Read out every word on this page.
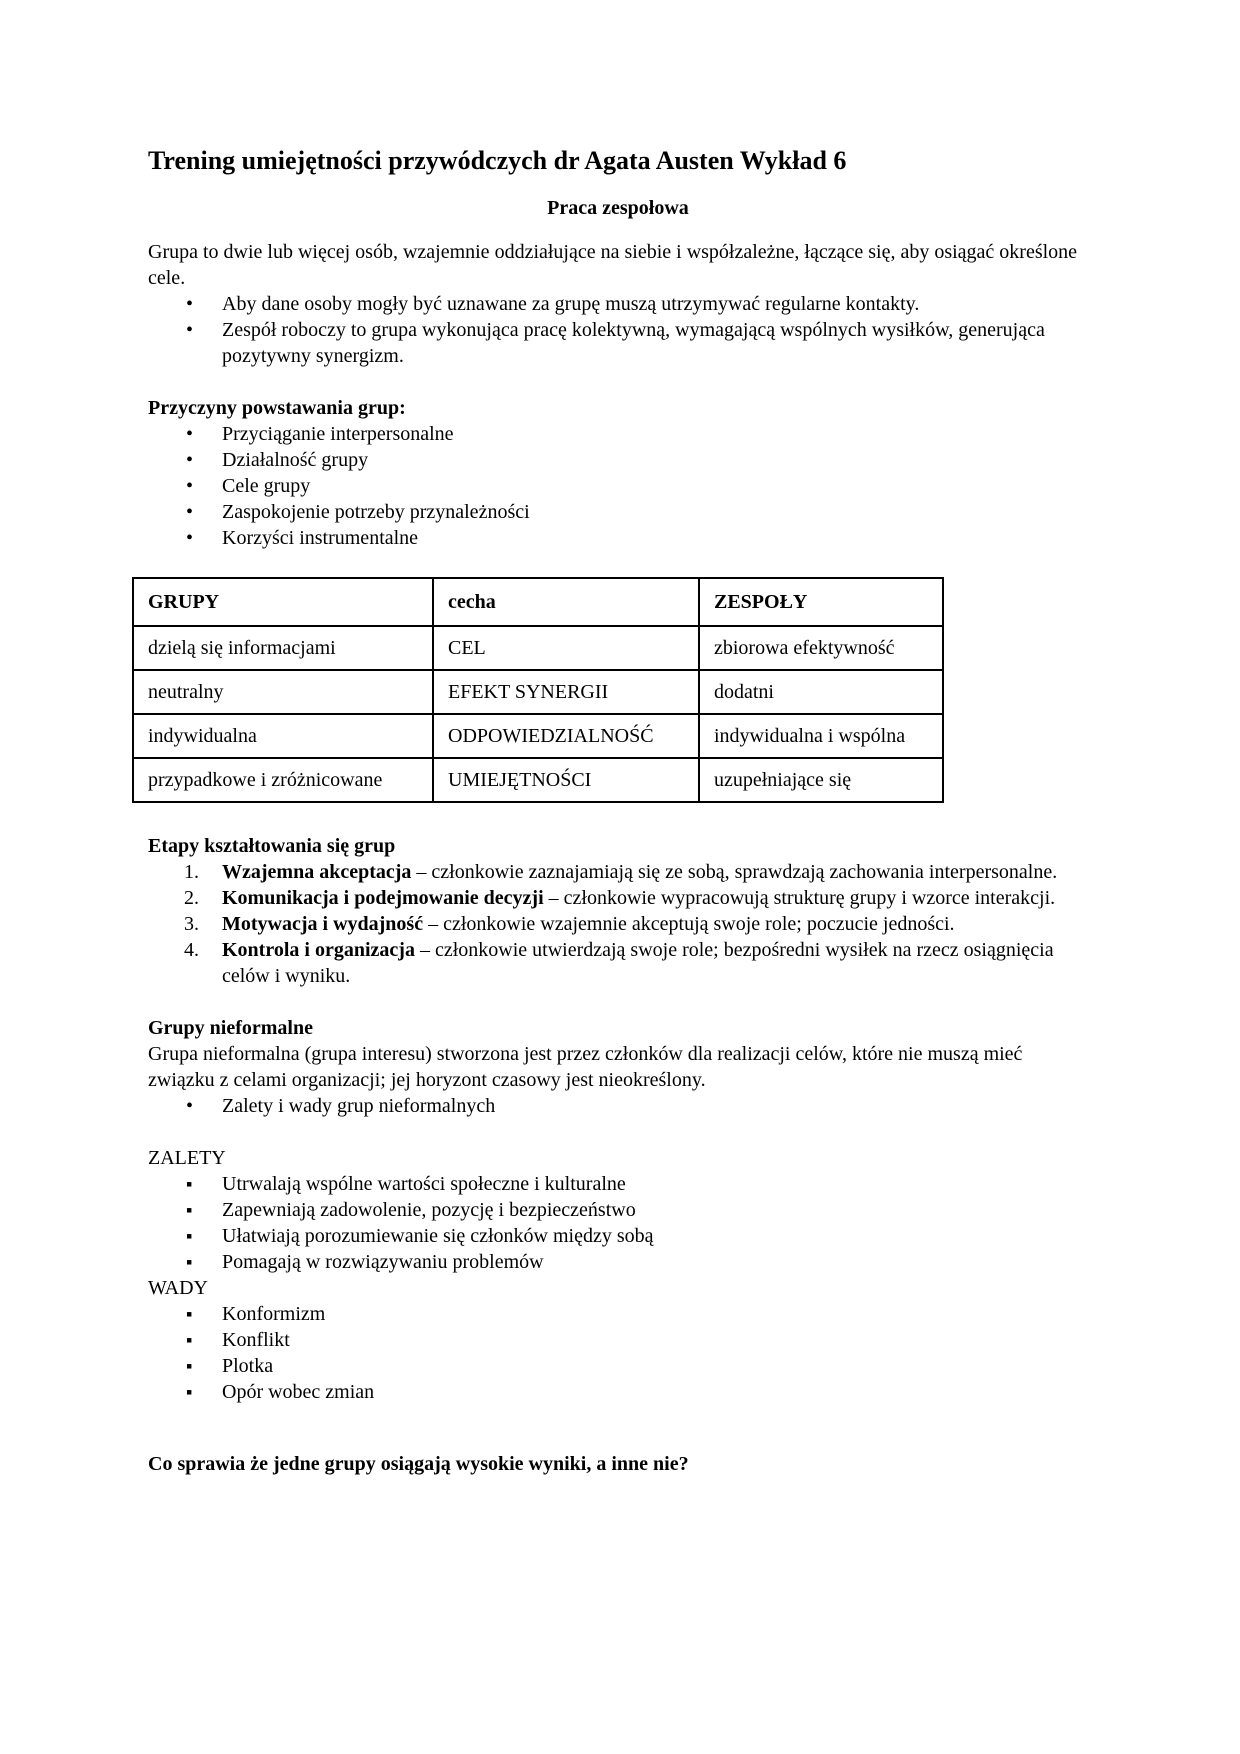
Trening umiejętności przywódczych dr Agata Austen Wykład 6

Praca zespołowa

Grupa to dwie lub więcej osób, wzajemnie oddziałujące na siebie i współzależne, łączące się, aby osiągać określone cele.

• Aby dane osoby mogły być uznawane za grupę muszą utrzymywać regularne kontakty.
• Zespół roboczy to grupa wykonująca pracę kolektywną, wymagającą wspólnych wysiłków, generująca pozytywny synergizm.

Przyczyny powstawania grup:

• Przyciąganie interpersonalne
• Działalność grupy
• Cele grupy
• Zaspokojenie potrzeby przynależności
• Korzyści instrumentalne
GRUPY	cecha	ZESPOŁY
dzielą się informacjami	CEL	zbiorowa efektywność
neutralny	EFEKT SYNERGII	dodatni
indywidualna	ODPOWIEDZIALNOŚĆ	indywidualna i wspólna
przypadkowe i zróżnicowane	UMIEJĘTNOŚCI	uzupełniające się

Etapy kształtowania się grup

1. Wzajemna akceptacja – członkowie zaznajamiają się ze sobą, sprawdzają zachowania interpersonalne.
2. Komunikacja i podejmowanie decyzji – członkowie wypracowują strukturę grupy i wzorce interakcji.
3. Motywacja i wydajność – członkowie wzajemnie akceptują swoje role; poczucie jedności.
4. Kontrola i organizacja – członkowie utwierdzają swoje role; bezpośredni wysiłek na rzecz osiągnięcia celów i wyniku.

Grupy nieformalne

Grupa nieformalna (grupa interesu) stworzona jest przez członków dla realizacji celów, które nie muszą mieć związku z celami organizacji; jej horyzont czasowy jest nieokreślony.

• Zalety i wady grup nieformalnych

ZALETY

▪ Utrwalają wspólne wartości społeczne i kulturalne
▪ Zapewniają zadowolenie, pozycję i bezpieczeństwo
▪ Ułatwiają porozumiewanie się członków między sobą
▪ Pomagają w rozwiązywaniu problemów

WADY

▪ Konformizm
▪ Konflikt
▪ Plotka
▪ Opór wobec zmian

Co sprawia że jedne grupy osiągają wysokie wyniki, a inne nie?
